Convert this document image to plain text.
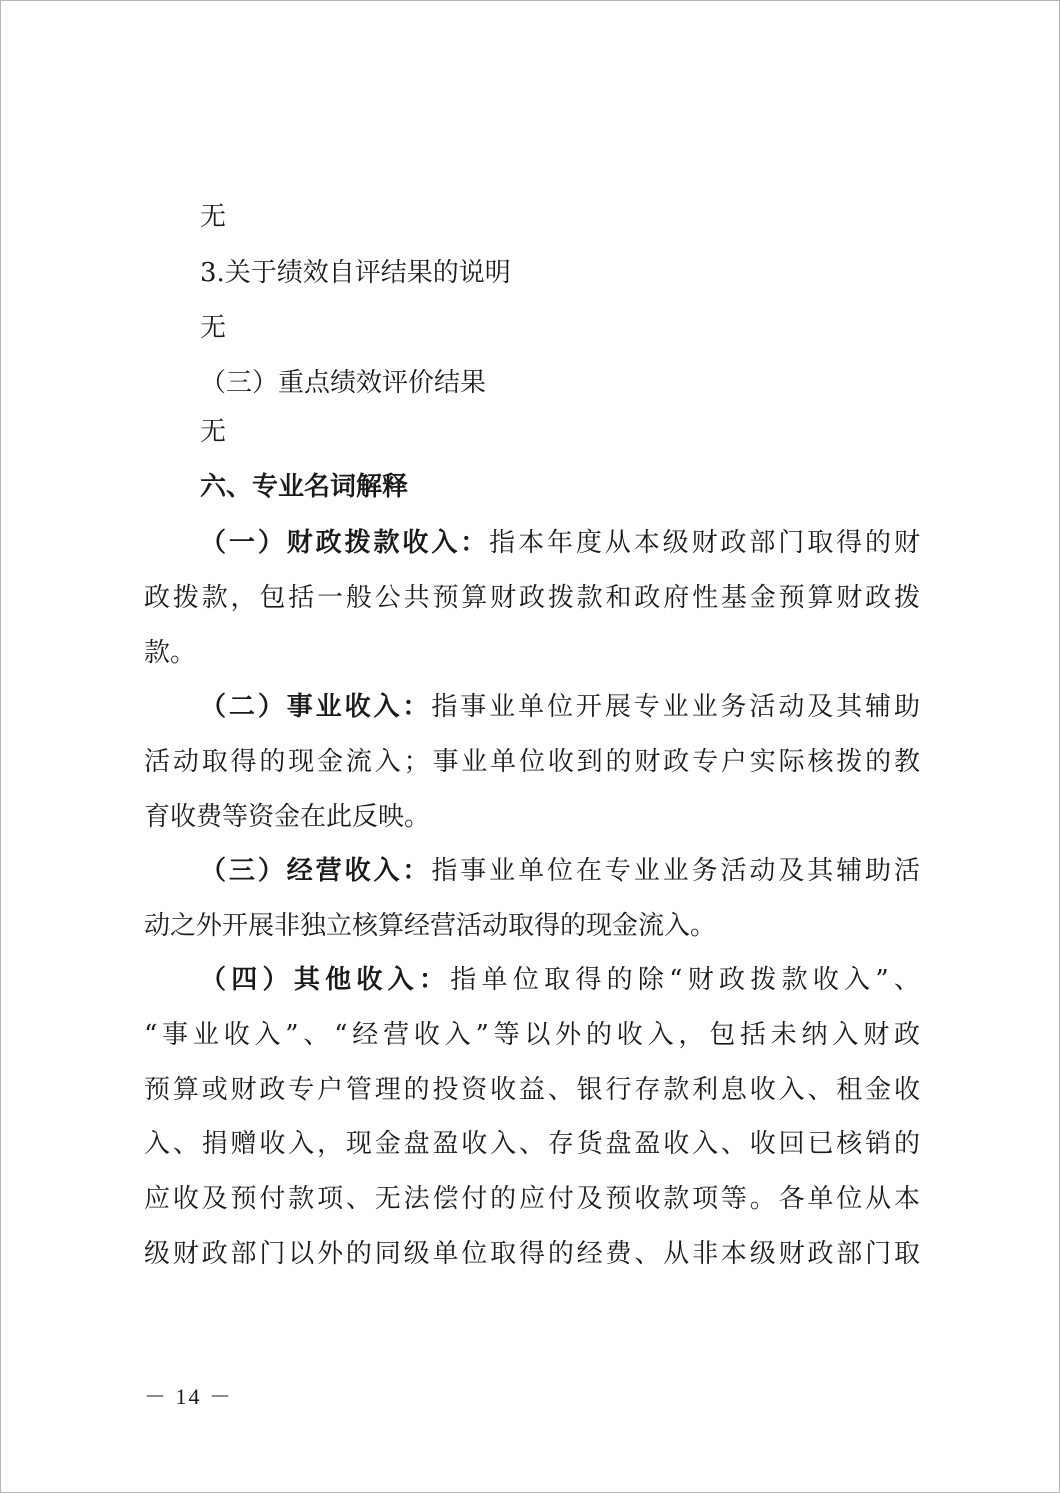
无
3.关于绩效自评结果的说明
无
（三）重点绩效评价结果
无
六、专业名词解释
（一）财政拨款收入：指本年度从本级财政部门取得的财
政拨款，包括一般公共预算财政拨款和政府性基金预算财政拨
款。
（二）事业收入：指事业单位开展专业业务活动及其辅助
活动取得的现金流入；事业单位收到的财政专户实际核拨的教
育收费等资金在此反映。
（三）经营收入：指事业单位在专业业务活动及其辅助活
动之外开展非独立核算经营活动取得的现金流入。
（四）其他收入：指单位取得的除“财政拨款收入”、
“事业收入”、“经营收入”等以外的收入，包括未纳入财政
预算或财政专户管理的投资收益、银行存款利息收入、租金收
入、捐赠收入，现金盘盈收入、存货盘盈收入、收回已核销的
应收及预付款项、无法偿付的应付及预收款项等。各单位从本
级财政部门以外的同级单位取得的经费、从非本级财政部门取
－ 14 －
